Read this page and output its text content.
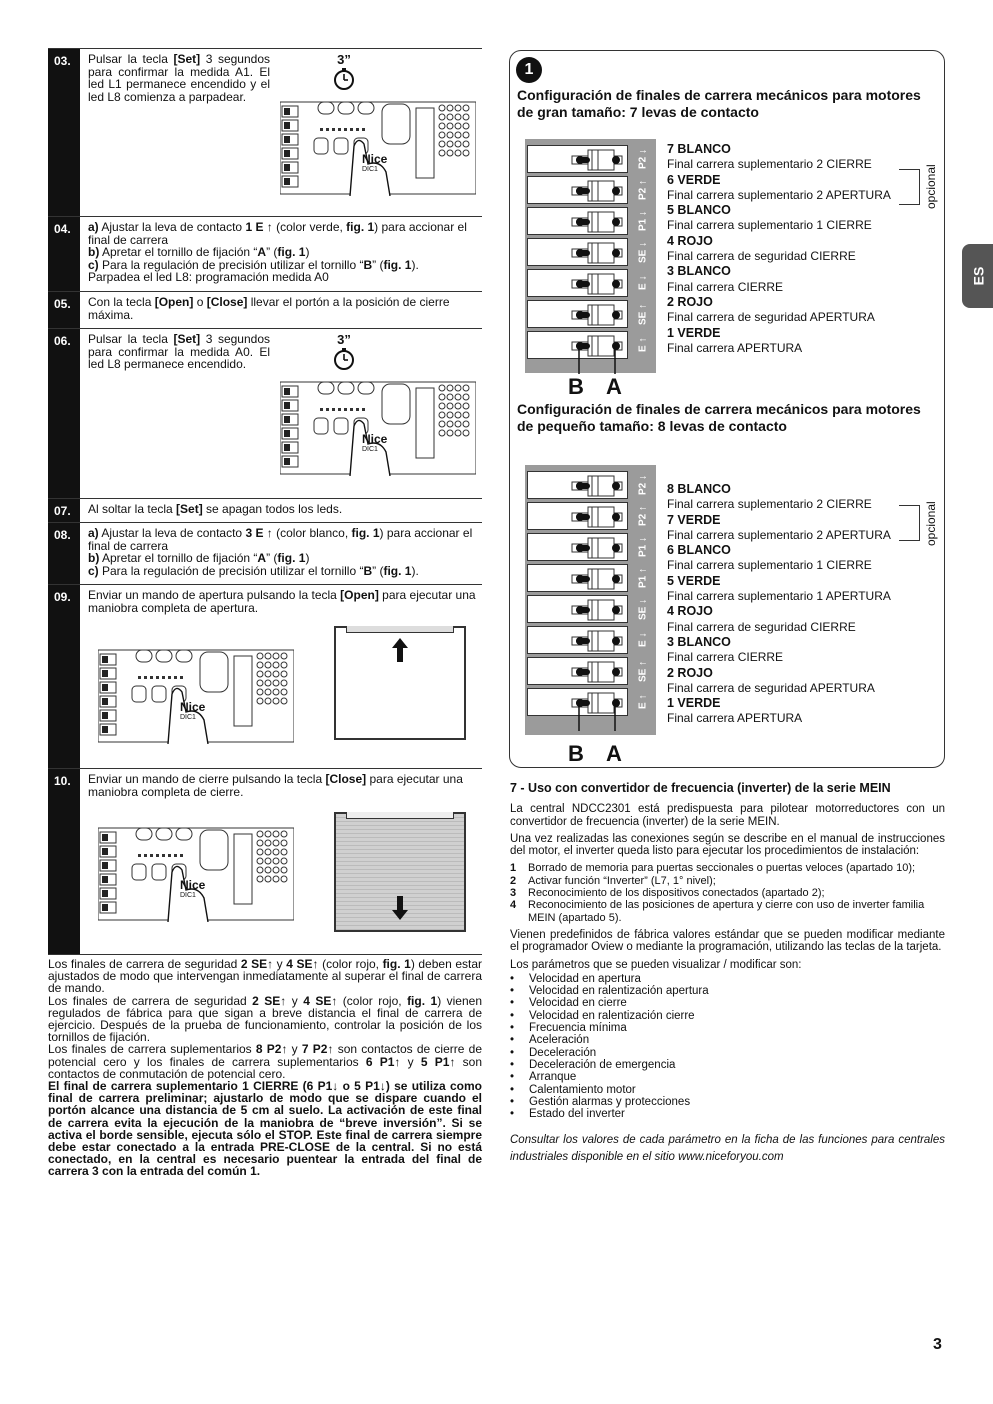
03.	Pulsar la tecla [Set] 3 segundos para confirmar la medida A1. El led L1 permanece encendido y el led L8 comienza a parpadear.

04.	a) Ajustar la leva de contacto 1 E ↑ (color verde, fig. 1) para accionar el final de carrera

b) Apretar el tornillo de fijación “A” (fig. 1)

c) Para la regulación de precisión utilizar el tornillo “B” (fig. 1).

Parpadea el led L8: programación medida A0

05.	Con la tecla [Open] o [Close] llevar el portón a la posición de cierre máxima.

06.	Pulsar la tecla [Set] 3 segundos para confirmar la medida A0. El led L8 permanece encendido.

07.	Al soltar la tecla [Set] se apagan todos los leds.

08.	a) Ajustar la leva de contacto 3 E ↑ (color blanco, fig. 1) para accionar el final de carrera

b) Apretar el tornillo de fijación “A” (fig. 1)

c) Para la regulación de precisión utilizar el tornillo “B” (fig. 1).

09.	Enviar un mando de apertura pulsando la tecla [Open] para ejecutar una maniobra completa de apertura.

10.	Enviar un mando de cierre pulsando la tecla [Close] para ejecutar una maniobra completa de cierre.

3”
3”
Nice
DIC1
Nice
DIC1
Nice
DIC1
Nice
DIC1

Los finales de carrera de seguridad 2 SE↑ y 4 SE↑ (color rojo, fig. 1) deben estar ajustados de modo que intervengan inmediatamente al superar el final de carrera de mando.

Los finales de carrera de seguridad 2 SE↑ y 4 SE↑ (color rojo, fig. 1) vienen regulados de fábrica para que sigan a breve distancia el final de carrera de ejercicio. Después de la prueba de funcionamiento, controlar la posición de los tornillos de fijación.

Los finales de carrera suplementarios 8 P2↑ y 7 P2↑ son contactos de cierre de potencial cero y los finales de carrera suplementarios 6 P1↑ y 5 P1↑ son contactos de conmutación de potencial cero.

El final de carrera suplementario 1 CIERRE (6 P1↓ o 5 P1↓) se utiliza como final de carrera preliminar; ajustarlo de modo que se dispare cuando el portón alcance una distancia de 5 cm al suelo. La activación de este final de carrera evita la ejecución de la maniobra de “breve inversión”. Si se activa el borde sensible, ejecuta sólo el STOP. Este final de carrera siempre debe estar conectado a la entrada PRE-CLOSE de la central. Si no está conectado, en la central es necesario puentear la entrada del final de carrera 3 con la entrada del común 1.

1
Configuración de finales de carrera mecánicos para motores de gran tamaño: 7 levas de contacto
P2 ↓
P2 ↑
P1 ↓
SE ↓
E ↓
SE ↑
E ↑
B A
7 BLANCO
Final carrera suplementario 2 CIERRE
6 VERDE
Final carrera suplementario 2 APERTURA
5 BLANCO
Final carrera suplementario 1 CIERRE
4 ROJO
Final carrera de seguridad CIERRE
3 BLANCO
Final carrera CIERRE
2 ROJO
Final carrera de seguridad APERTURA
1 VERDE
Final carrera APERTURA
opcional
Configuración de finales de carrera mecánicos para motores de pequeño tamaño: 8 levas de contacto
P2 ↓
P2 ↑
P1 ↓
P1 ↑
SE ↓
E ↓
SE ↑
E ↑
B A
8 BLANCO
Final carrera suplementario 2 CIERRE
7 VERDE
Final carrera suplementario 2 APERTURA
6 BLANCO
Final carrera suplementario 1 CIERRE
5 VERDE
Final carrera suplementario 1 APERTURA
4 ROJO
Final carrera de seguridad CIERRE
3 BLANCO
Final carrera CIERRE
2 ROJO
Final carrera de seguridad APERTURA
1 VERDE
Final carrera APERTURA
opcional
7 - Uso con convertidor de frecuencia (inverter) de la serie MEIN

La central NDCC2301 está predispuesta para pilotear motorreductores con un convertidor de frecuencia (inverter) de la serie MEIN.

Una vez realizadas las conexiones según se describe en el manual de instrucciones del motor, el inverter queda listo para ejecutar los procedimientos de instalación:

1	Borrado de memoria para puertas seccionales o puertas veloces (apartado 10);
2	Activar función “Inverter” (L7, 1° nivel);
3	Reconocimiento de los dispositivos conectados (apartado 2);
4	Reconocimiento de las posiciones de apertura y cierre con uso de inverter familia MEIN (apartado 5).

Vienen predefinidos de fábrica valores estándar que se pueden modificar mediante el programador Oview o mediante la programación, utilizando las teclas de la tarjeta.

Los parámetros que se pueden visualizar / modificar son:

•	Velocidad en apertura
•	Velocidad en ralentización apertura
•	Velocidad en cierre
•	Velocidad en ralentización cierre
•	Frecuencia mínima
•	Aceleración
•	Deceleración
•	Deceleración de emergencia
•	Arranque
•	Calentamiento motor
•	Gestión alarmas y protecciones
•	Estado del inverter

Consultar los valores de cada parámetro en la ficha de las funciones para centrales industriales disponible en el sitio www.niceforyou.com

ES
3
